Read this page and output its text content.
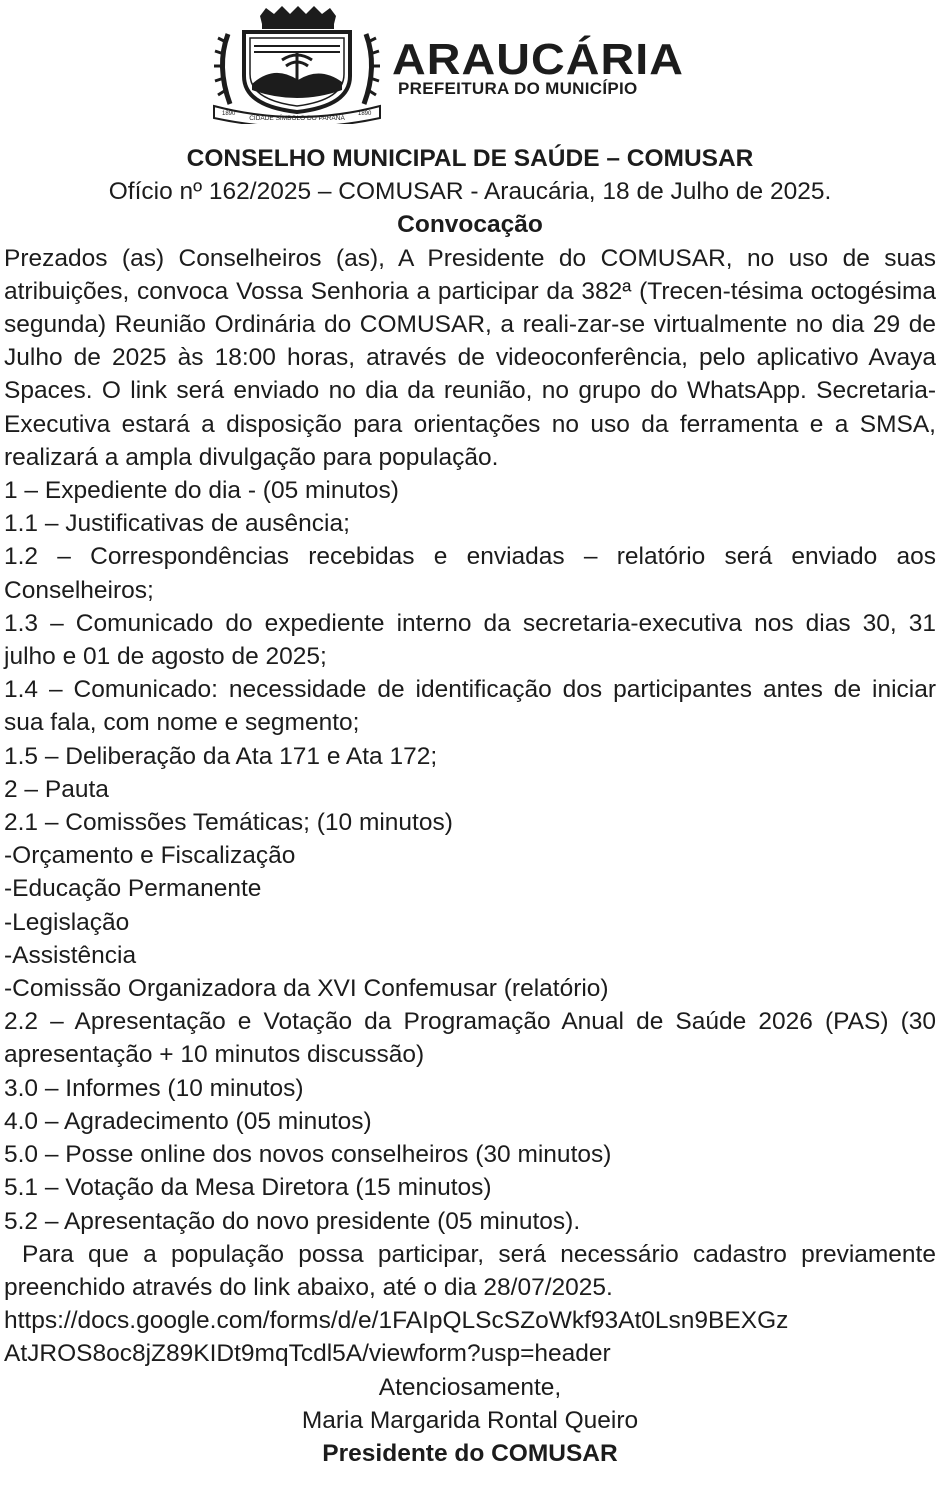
1890
CIDADE SÍMBOLO DO PARANÁ
1890
ARAUCÁRIA
PREFEITURA DO MUNICÍPIO

CONSELHO MUNICIPAL DE SAÚDE – COMUSAR

Ofício nº 162/2025 – COMUSAR - Araucária, 18 de Julho de 2025.

Convocação

Prezados (as) Conselheiros (as), A Presidente do COMUSAR, no uso de suas atribuições, convoca Vossa Senhoria a participar da 382ª (Trecen-tésima octogésima segunda) Reunião Ordinária do COMUSAR, a reali-zar-se virtualmente no dia 29 de Julho de 2025 às 18:00 horas, através de videoconferência, pelo aplicativo Avaya Spaces. O link será enviado no dia da reunião, no grupo do WhatsApp. Secretaria-Executiva estará a disposição para orientações no uso da ferramenta e a SMSA, realizará a ampla divulgação para população.

1 – Expediente do dia - (05 minutos)

1.1 – Justificativas de ausência;

1.2 – Correspondências recebidas e enviadas – relatório será enviado aos Conselheiros;

1.3 – Comunicado do expediente interno da secretaria-executiva nos dias 30, 31 julho e 01 de agosto de 2025;

1.4 – Comunicado: necessidade de identificação dos participantes antes de iniciar sua fala, com nome e segmento;

1.5 – Deliberação da Ata 171 e Ata 172;

2 – Pauta

2.1 – Comissões Temáticas; (10 minutos)

-Orçamento e Fiscalização

-Educação Permanente

-Legislação

-Assistência

-Comissão Organizadora da XVI Confemusar (relatório)

2.2 – Apresentação e Votação da Programação Anual de Saúde 2026 (PAS) (30 apresentação + 10 minutos discussão)

3.0 – Informes (10 minutos)

4.0 – Agradecimento (05 minutos)

5.0 – Posse online dos novos conselheiros (30 minutos)

5.1 – Votação da Mesa Diretora (15 minutos)

5.2 – Apresentação do novo presidente (05 minutos).

Para que a população possa participar, será necessário cadastro previamente preenchido através do link abaixo, até o dia 28/07/2025.

https://docs.google.com/forms/d/e/1FAIpQLScSZoWkf93At0Lsn9BEXGz

AtJROS8oc8jZ89KIDt9mqTcdl5A/viewform?usp=header

Atenciosamente,

Maria Margarida Rontal Queiro

Presidente do COMUSAR
